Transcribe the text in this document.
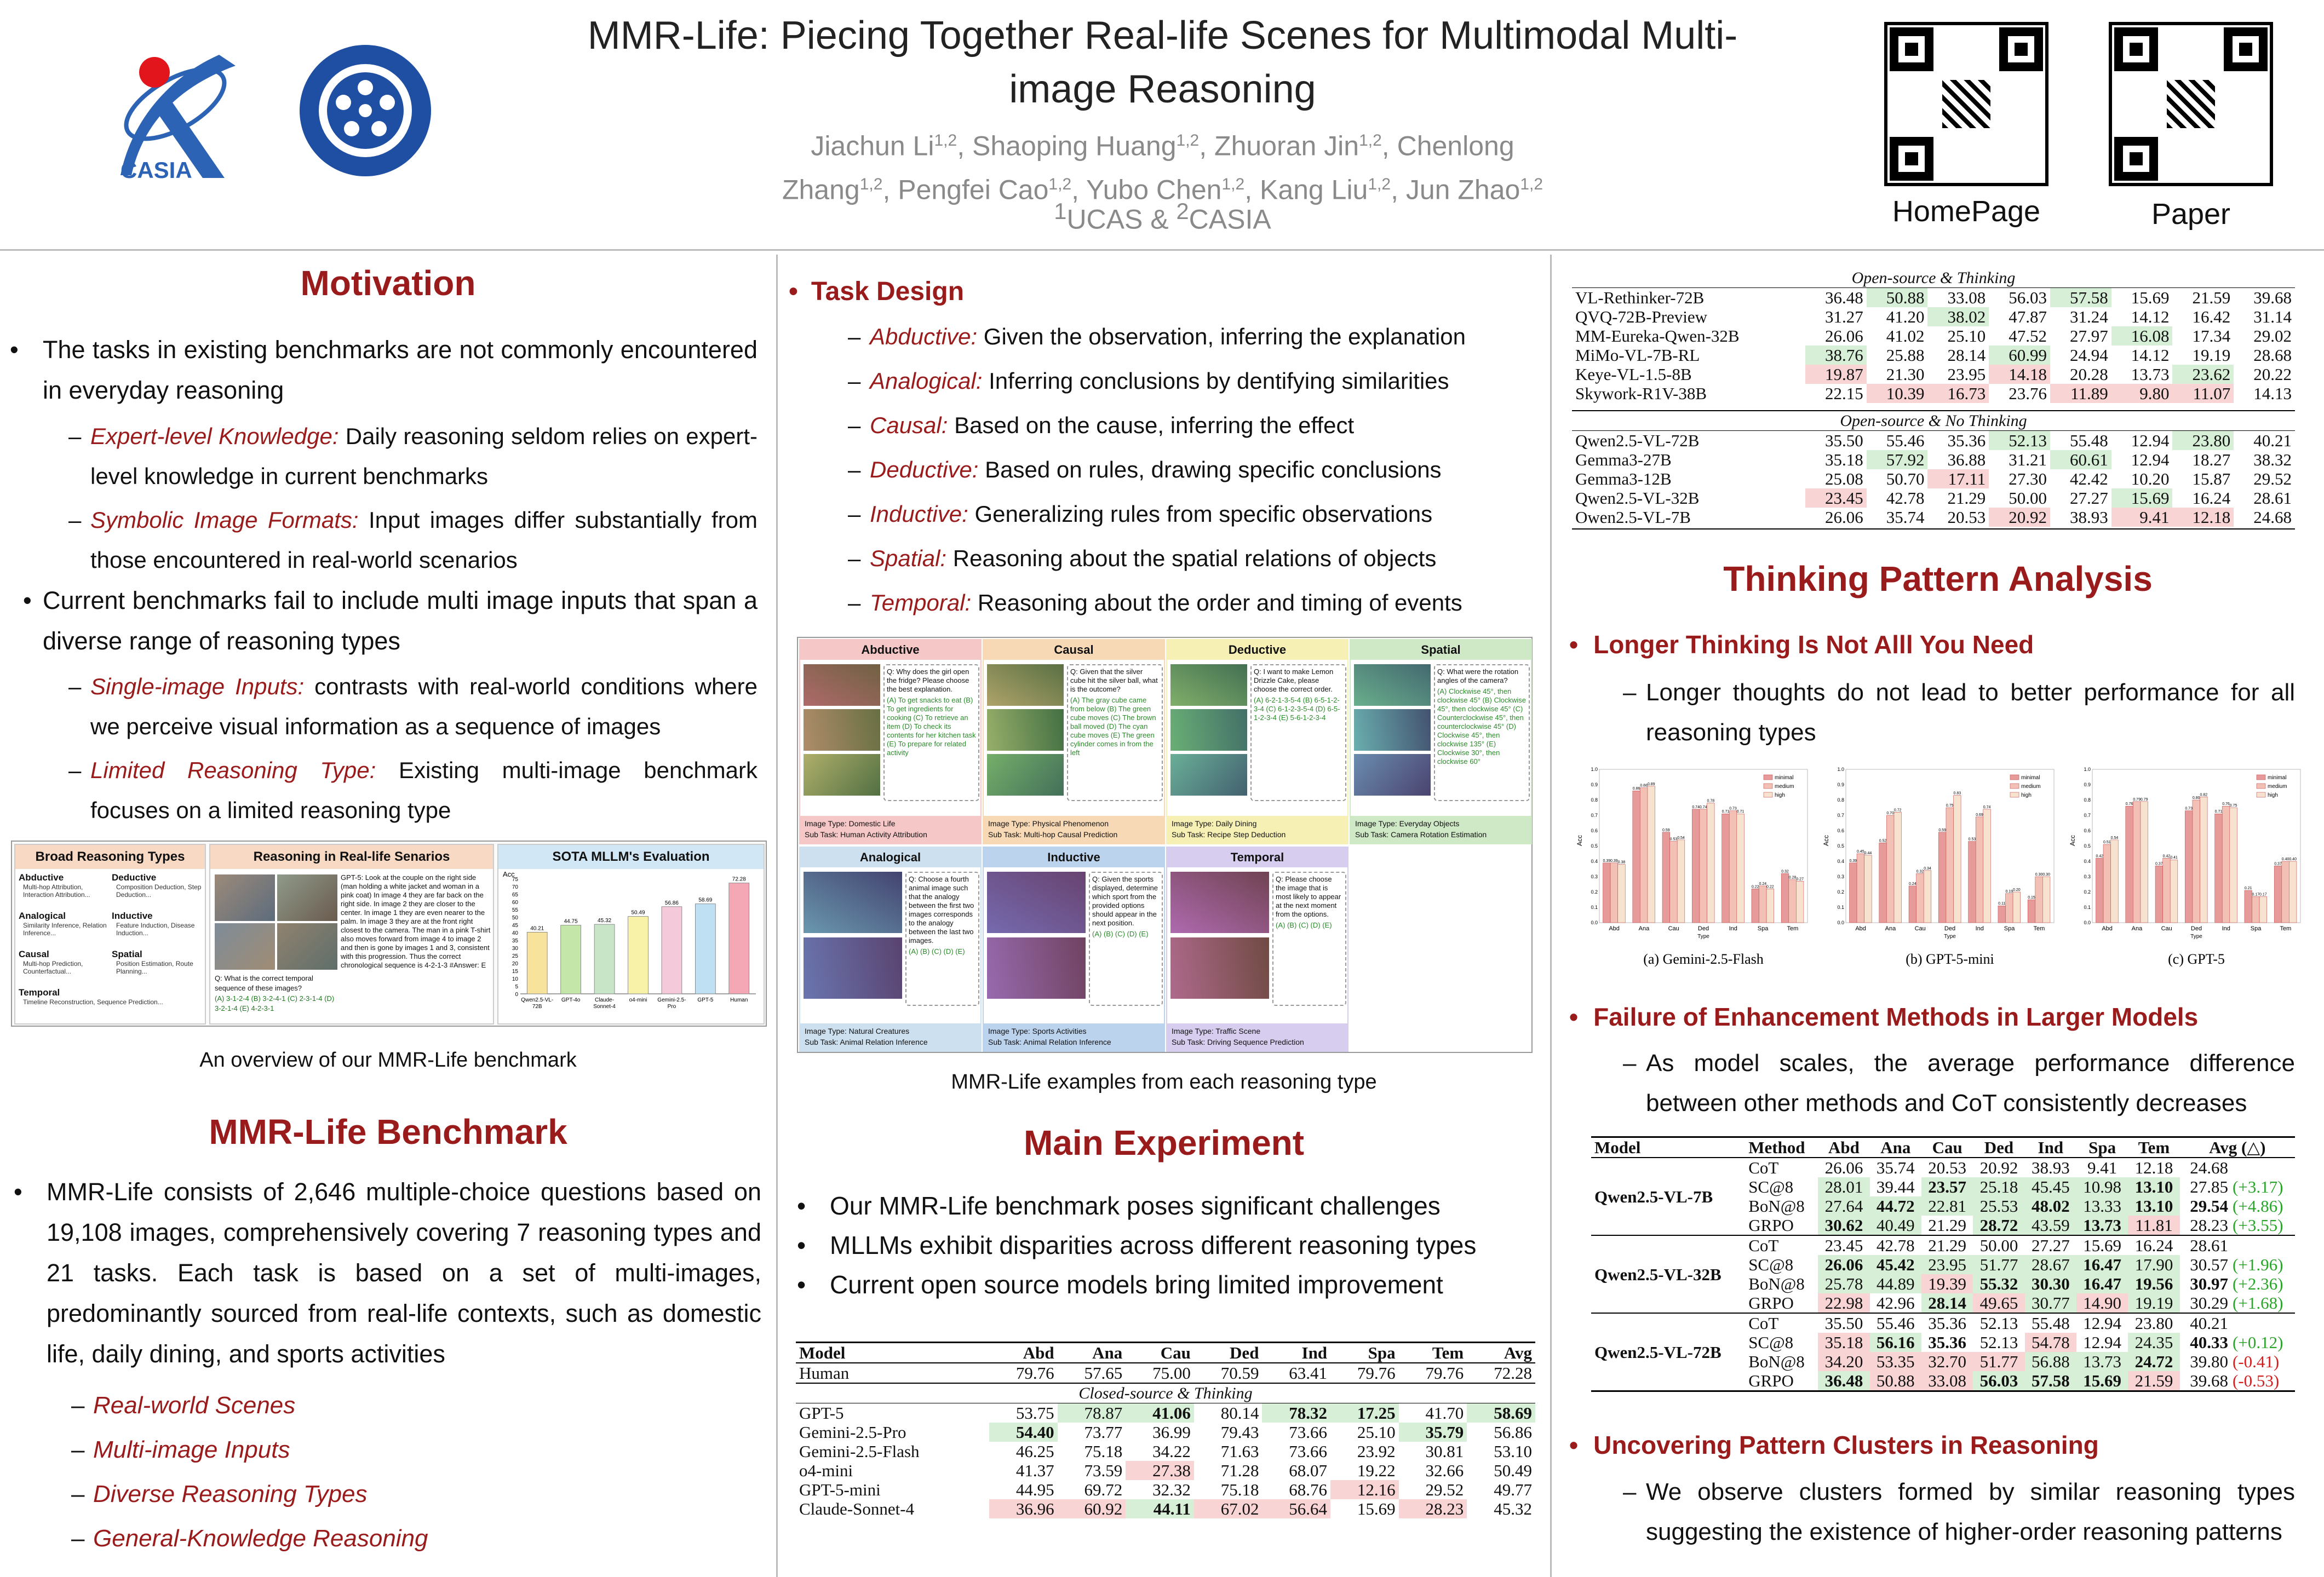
CASIA
MMR-Life: Piecing Together Real-life Scenes for Multimodal Multi-image Reasoning
Jiachun Li$^{1,2}$, Shaoping Huang$^{1,2}$, Zhuoran Jin$^{1,2}$, Chenlong
Zhang$^{1,2}$, Pengfei Cao$^{1,2}$, Yubo Chen$^{1,2}$, Kang Liu$^{1,2}$, Jun Zhao$^{1,2}$
$^1$UCAS & $^2$CASIA	HomePage	Paper
Motivation
• The tasks in existing benchmarks are not commonly encountered in everyday reasoning
– Expert-level Knowledge: Daily reasoning seldom relies on expert-level knowledge in current benchmarks
– Symbolic Image Formats: Input images differ substantially from those encountered in real-world scenarios
• Current benchmarks fail to include multi image inputs that span a diverse range of reasoning types
– Single-image Inputs: contrasts with real-world conditions where we perceive visual information as a sequence of images
– Limited Reasoning Type: Existing multi-image benchmark focuses on a limited reasoning type
Broad Reasoning Types
Abductive
Multi-hop Attribution, Interaction Attribution...
Deductive
Composition Deduction, Step Deduction...
Analogical
Similarity Inference, Relation Inference...
Inductive
Feature Induction, Disease Induction...
Causal
Multi-hop Prediction, Counterfactual...
Spatial
Position Estimation, Route Planning...
Temporal
Timeline Reconstruction, Sequence Prediction...
Reasoning in Real-life Senarios
GPT-5: Look at the couple on the right side (man holding a white jacket and woman in a pink coat) In image 4 they are far back on the right side. In image 2 they are closer to the center. In image 1 they are even nearer to the palm. In image 3 they are at the front right closest to the camera. The man in a pink T-shirt also moves forward from image 4 to image 2 and then is gone by images 1 and 3, consistent with this progression. Thus the correct chronological sequence is 4-2-1-3 #Answer: E
Q: What is the correct temporal sequence of these images?
(A) 3-1-2-4 (B) 3-2-4-1 (C) 2-3-1-4 (D) 3-2-1-4 (E) 4-2-3-1
SOTA MLLM's Evaluation
Acc
0
5
10
15
20
25
30
35
40
45
50
55
60
65
70
75
40.21
Qwen2.5-VL-72B
44.75
GPT-4o
45.32
Claude-Sonnet-4
50.49
o4-mini
56.86
Gemini-2.5-Pro
58.69
GPT-5
72.28
Human
An overview of our MMR-Life benchmark
MMR-Life Benchmark
• MMR-Life consists of 2,646 multiple-choice questions based on 19,108 images, comprehensively covering 7 reasoning types and 21 tasks. Each task is based on a set of multi-images, predominantly sourced from real-life contexts, such as domestic life, daily dining, and sports activities
– Real-world Scenes
– Multi-image Inputs
– Diverse Reasoning Types
– General-Knowledge Reasoning
• Task Design
– Abductive: Given the observation, inferring the explanation
– Analogical: Inferring conclusions by dentifying similarities
– Causal: Based on the cause, inferring the effect
– Deductive: Based on rules, drawing specific conclusions
– Inductive: Generalizing rules from specific observations
– Spatial: Reasoning about the spatial relations of objects
– Temporal: Reasoning about the order and timing of events
Abductive
Q: Why does the girl open the fridge? Please choose the best explanation.
(A) To get snacks to eat (B) To get ingredients for cooking (C) To retrieve an item (D) To check its contents for her kitchen task (E) To prepare for related activity
Image Type: Domestic Life
Sub Task: Human Activity Attribution
Causal
Q: Given that the silver cube hit the silver ball, what is the outcome?
(A) The gray cube came from below (B) The green cube moves (C) The brown ball moved (D) The cyan cube moves (E) The green cylinder comes in from the left
Image Type: Physical Phenomenon
Sub Task: Multi-hop Causal Prediction
Deductive
Q: I want to make Lemon Drizzle Cake, please choose the correct order.
(A) 6-2-1-3-5-4 (B) 6-5-1-2-3-4 (C) 6-1-2-3-5-4 (D) 6-5-1-2-3-4 (E) 5-6-1-2-3-4
Image Type: Daily Dining
Sub Task: Recipe Step Deduction
Spatial
Q: What were the rotation angles of the camera?
(A) Clockwise 45°, then clockwise 45° (B) Clockwise 45°, then clockwise 45° (C) Counterclockwise 45°, then counterclockwise 45° (D) Clockwise 45°, then clockwise 135° (E) Clockwise 30°, then clockwise 60°
Image Type: Everyday Objects
Sub Task: Camera Rotation Estimation
Analogical
Q: Choose a fourth animal image such that the analogy between the first two images corresponds to the analogy between the last two images.
(A) (B) (C) (D) (E)
Image Type: Natural Creatures
Sub Task: Animal Relation Inference
Inductive
Q: Given the sports displayed, determine which sport from the provided options should appear in the next position.
(A) (B) (C) (D) (E)
Image Type: Sports Activities
Sub Task: Animal Relation Inference
Temporal
Q: Please choose the image that is most likely to appear at the next moment from the options.
(A) (B) (C) (D) (E)
Image Type: Traffic Scene
Sub Task: Driving Sequence Prediction
MMR-Life examples from each reasoning type
Main Experiment
• Our MMR-Life benchmark poses significant challenges
• MLLMs exhibit disparities across different reasoning types
• Current open source models bring limited improvement
Model	Abd	Ana	Cau	Ded	Ind	Spa	Tem	Avg
Human	79.76	57.65	75.00	70.59	63.41	79.76	79.76	72.28
Closed-source & Thinking								
GPT-5	53.75	78.87	41.06	80.14	78.32	17.25	41.70	58.69
Gemini-2.5-Pro	54.40	73.77	36.99	79.43	73.66	25.10	35.79	56.86
Gemini-2.5-Flash	46.25	75.18	34.22	71.63	73.66	23.92	30.81	53.10
o4-mini	41.37	73.59	27.38	71.28	68.07	19.22	32.66	50.49
GPT-5-mini	44.95	69.72	32.32	75.18	68.76	12.16	29.52	49.77
Claude-Sonnet-4	36.96	60.92	44.11	67.02	56.64	15.69	28.23	45.32
Open-source & Thinking								
VL-Rethinker-72B	36.48	50.88	33.08	56.03	57.58	15.69	21.59	39.68
QVQ-72B-Preview	31.27	41.20	38.02	47.87	31.24	14.12	16.42	31.14
MM-Eureka-Qwen-32B	26.06	41.02	25.10	47.52	27.97	16.08	17.34	29.02
MiMo-VL-7B-RL	38.76	25.88	28.14	60.99	24.94	14.12	19.19	28.68
Keye-VL-1.5-8B	19.87	21.30	23.95	14.18	20.28	13.73	23.62	20.22
Skywork-R1V-38B	22.15	10.39	16.73	23.76	11.89	9.80	11.07	14.13

Open-source & No Thinking								
Qwen2.5-VL-72B	35.50	55.46	35.36	52.13	55.48	12.94	23.80	40.21
Gemma3-27B	35.18	57.92	36.88	31.21	60.61	12.94	18.27	38.32
Gemma3-12B	25.08	50.70	17.11	27.30	42.42	10.20	15.87	29.52
Qwen2.5-VL-32B	23.45	42.78	21.29	50.00	27.27	15.69	16.24	28.61
Owen2.5-VL-7B	26.06	35.74	20.53	20.92	38.93	9.41	12.18	24.68

Thinking Pattern Analysis
• Longer Thinking Is Not Alll You Need
– Longer thoughts do not lead to better performance for all reasoning types
Acc
0.0
0.1
0.2
0.3
0.4
0.5
0.6
0.7
0.8
0.9
1.0
0.39
0.86
0.59
0.74
0.71
0.22
0.32
0.39
0.88
0.53
0.74	0.73
0.24
0.28
0.38
0.89
0.54
0.78
0.71
0.22
0.27
Abd	Ana	Cau	Ded	Ind	Spa	Tem
Type
minimal
medium
high
(a) Gemini-2.5-Flash
Acc
0.0
0.1
0.2
0.3
0.4
0.5
0.6
0.7
0.8
0.9
1.0
0.39
0.52
0.24
0.59
0.53
0.11
0.15
0.45
0.70
0.32
0.75
0.69
0.19
0.30
0.44
0.72
0.34
0.83
0.74
0.20
0.30
Abd	Ana	Cau	Ded	Ind	Spa	Tem
Type
minimal
medium
high
(b) GPT-5-mini
Acc
0.0
0.1
0.2
0.3
0.4
0.5
0.6
0.7
0.8
0.9
1.0
0.42
0.76
0.37
0.73
0.71
0.21
0.37
0.51
0.79
0.42
0.80
0.76
0.17
0.40
0.54
0.79
0.41
0.82
0.75
0.17
0.40
Abd	Ana	Cau	Ded	Ind	Spa	Tem
Type
minimal
medium
high
(c) GPT-5
• Failure of Enhancement Methods in Larger Models
– As model scales, the average performance difference between other methods and CoT consistently decreases
Model	Method	Abd	Ana	Cau	Ded	Ind	Spa	Tem	Avg (△)	
Qwen2.5-VL-7B	CoT	26.06	35.74	20.53	20.92	38.93	9.41	12.18	24.68	
	SC@8	28.01	39.44	23.57	25.18	45.45	10.98	13.10	27.85	(+3.17)
	BoN@8	27.64	44.72	22.81	25.53	48.02	13.33	13.10	29.54	(+4.86)
	GRPO	30.62	40.49	21.29	28.72	43.59	13.73	11.81	28.23	(+3.55)
Qwen2.5-VL-32B	CoT	23.45	42.78	21.29	50.00	27.27	15.69	16.24	28.61	
	SC@8	26.06	45.42	23.95	51.77	28.67	16.47	17.90	30.57	(+1.96)
	BoN@8	25.78	44.89	19.39	55.32	30.30	16.47	19.56	30.97	(+2.36)
	GRPO	22.98	42.96	28.14	49.65	30.77	14.90	19.19	30.29	(+1.68)
Qwen2.5-VL-72B	CoT	35.50	55.46	35.36	52.13	55.48	12.94	23.80	40.21	
	SC@8	35.18	56.16	35.36	52.13	54.78	12.94	24.35	40.33	(+0.12)
	BoN@8	34.20	53.35	32.70	51.77	56.88	13.73	24.72	39.80	(-0.41)
	GRPO	36.48	50.88	33.08	56.03	57.58	15.69	21.59	39.68	(-0.53)
• Uncovering Pattern Clusters in Reasoning
– We observe clusters formed by similar reasoning types suggesting the existence of higher-order reasoning patterns
